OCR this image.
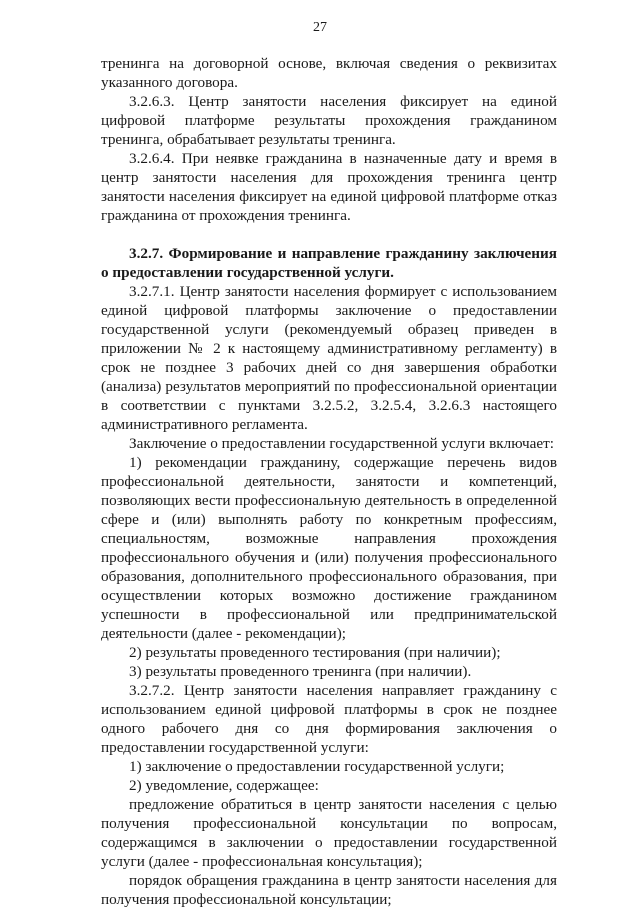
27

тренинга на договорной основе, включая сведения о реквизитах указанного договора.

3.2.6.3. Центр занятости населения фиксирует на единой цифровой платформе результаты прохождения гражданином тренинга, обрабатывает результаты тренинга.

3.2.6.4. При неявке гражданина в назначенные дату и время в центр занятости населения для прохождения тренинга центр занятости населения фиксирует на единой цифровой платформе отказ гражданина от прохождения тренинга.

3.2.7. Формирование и направление гражданину заключения о предоставлении государственной услуги.

3.2.7.1. Центр занятости населения формирует с использованием единой цифровой платформы заключение о предоставлении государственной услуги (рекомендуемый образец приведен в приложении № 2 к настоящему административному регламенту) в срок не позднее 3 рабочих дней со дня завершения обработки (анализа) результатов мероприятий по профессиональной ориентации в соответствии с пунктами 3.2.5.2, 3.2.5.4, 3.2.6.3 настоящего административного регламента.

Заключение о предоставлении государственной услуги включает:

1) рекомендации гражданину, содержащие перечень видов профессиональной деятельности, занятости и компетенций, позволяющих вести профессиональную деятельность в определенной сфере и (или) выполнять работу по конкретным профессиям, специальностям, возможные направления прохождения профессионального обучения и (или) получения профессионального образования, дополнительного профессионального образования, при осуществлении которых возможно достижение гражданином успешности в профессиональной или предпринимательской деятельности (далее - рекомендации);

2) результаты проведенного тестирования (при наличии);

3) результаты проведенного тренинга (при наличии).

3.2.7.2. Центр занятости населения направляет гражданину с использованием единой цифровой платформы в срок не позднее одного рабочего дня со дня формирования заключения о предоставлении государственной услуги:

1) заключение о предоставлении государственной услуги;

2) уведомление, содержащее:

предложение обратиться в центр занятости населения с целью получения профессиональной консультации по вопросам, содержащимся в заключении о предоставлении государственной услуги (далее - профессиональная консультация);

порядок обращения гражданина в центр занятости населения для получения профессиональной консультации;
